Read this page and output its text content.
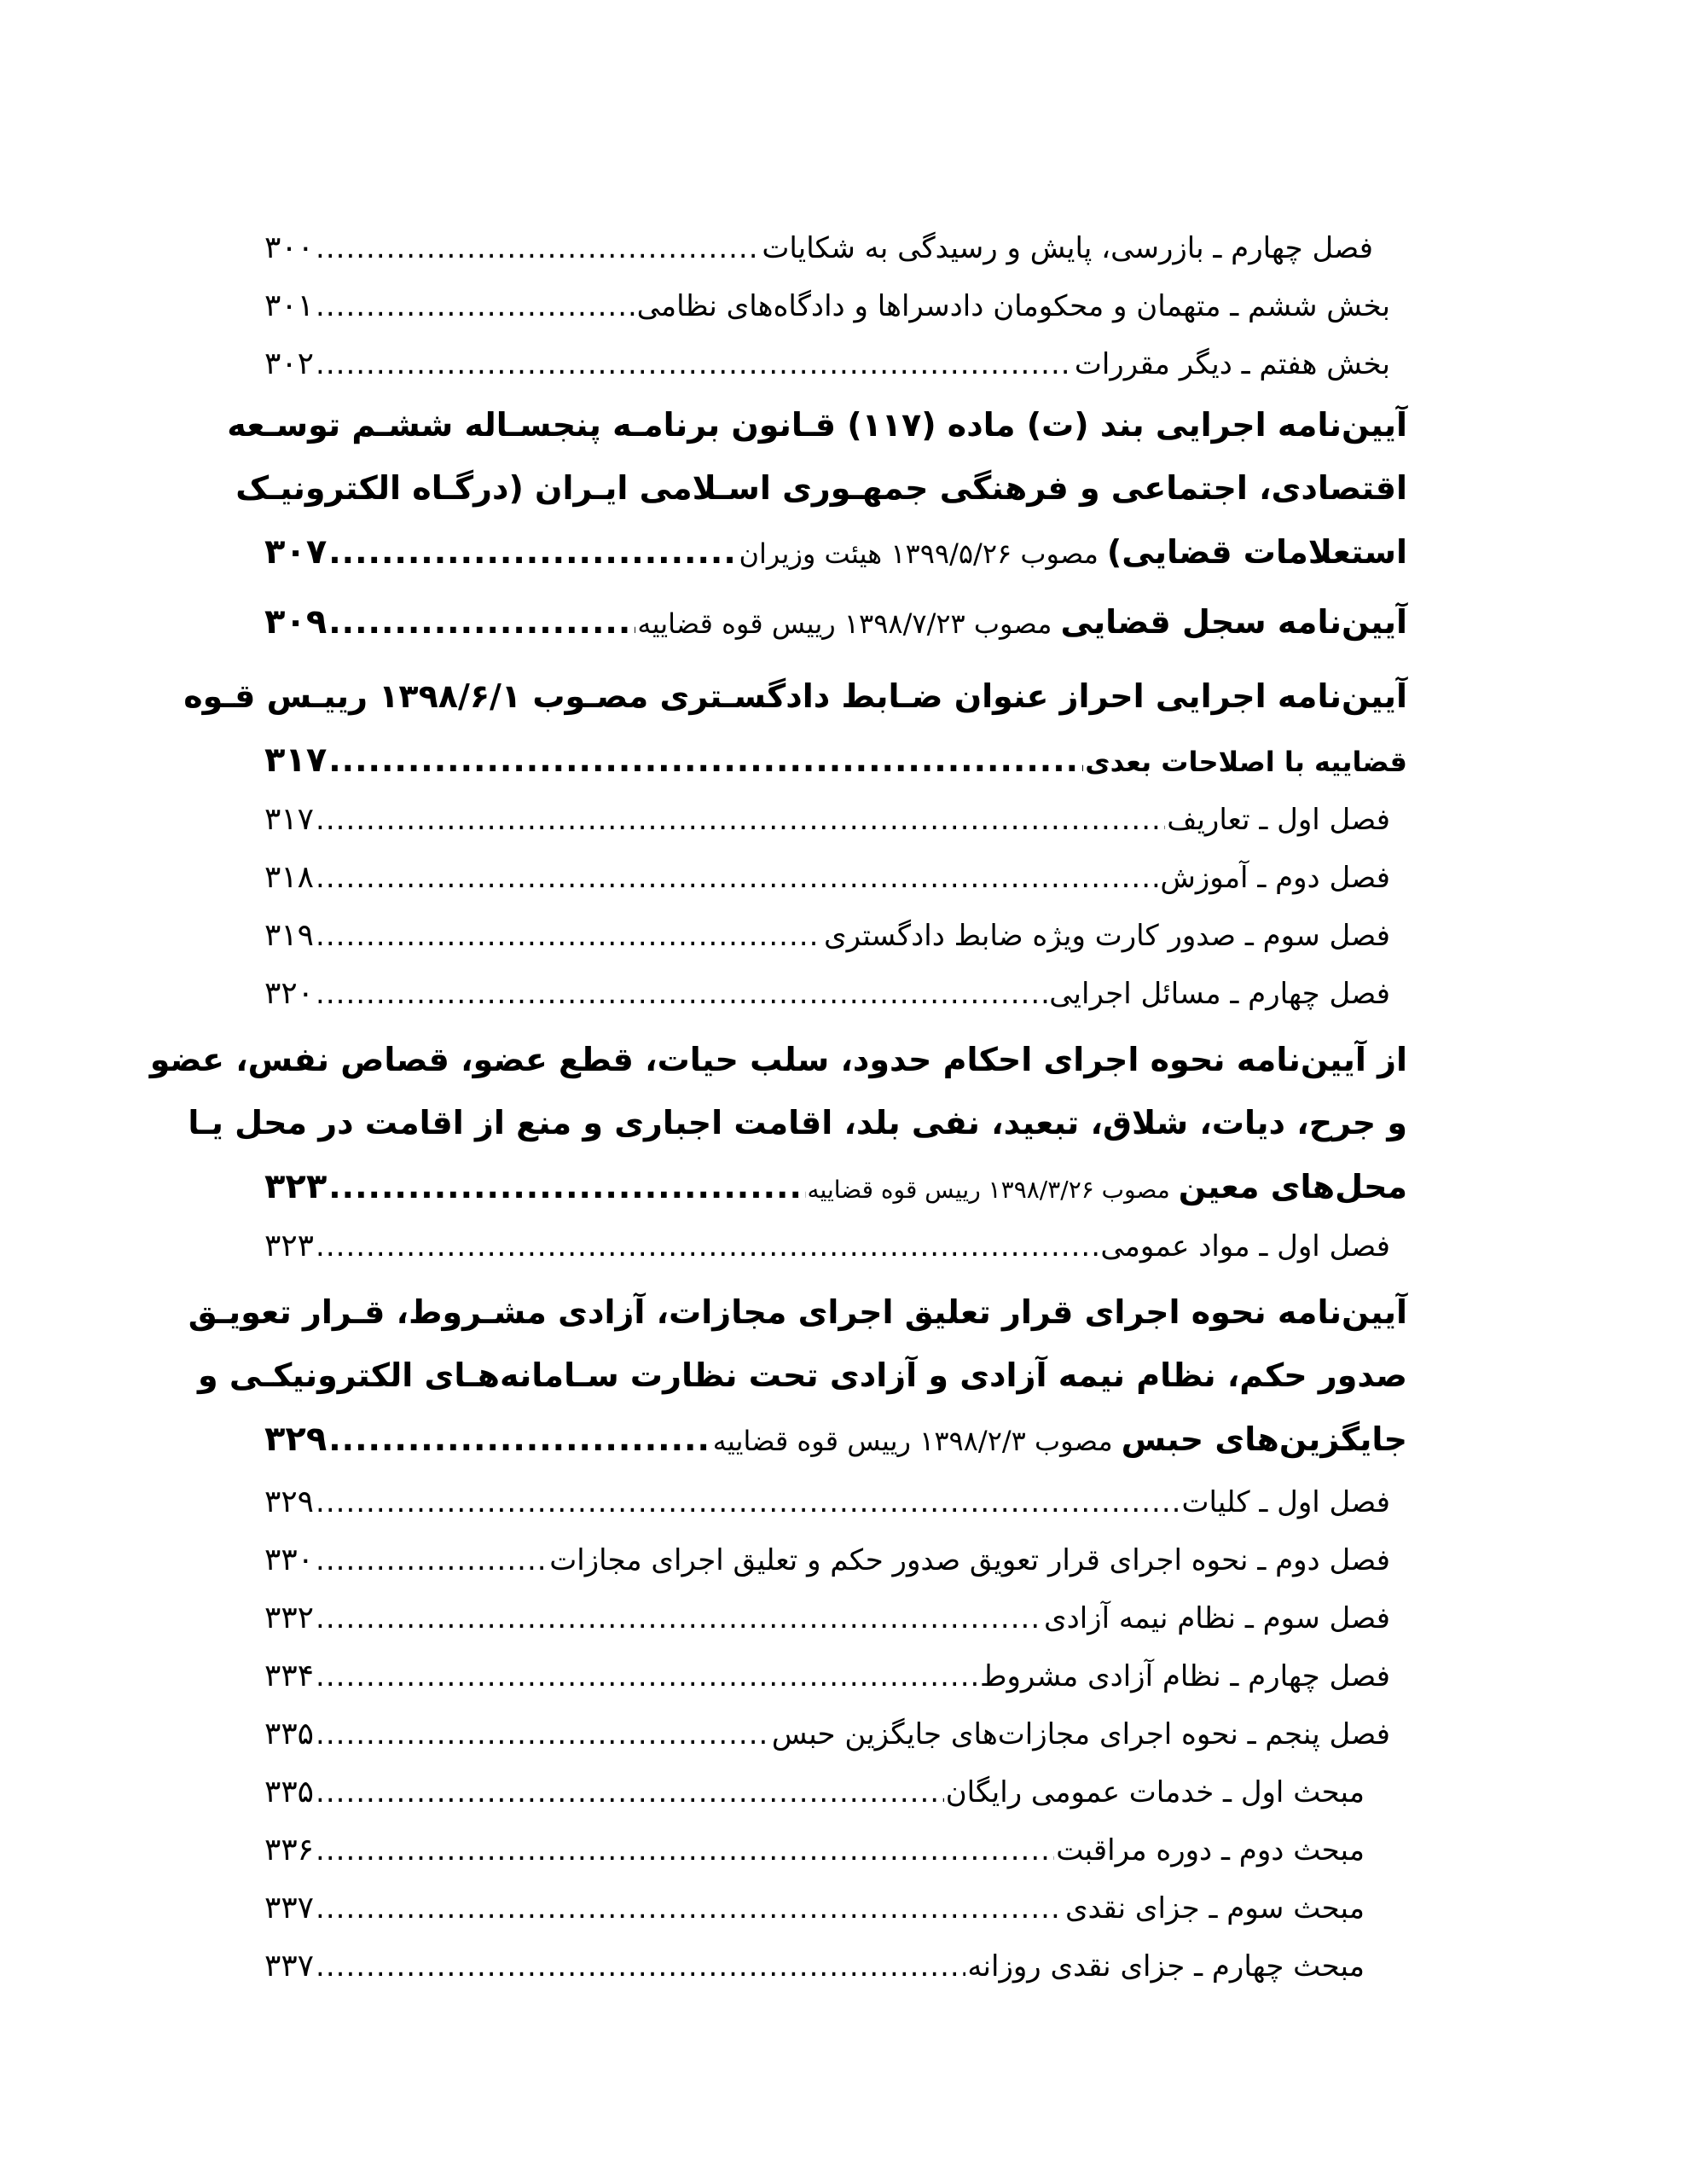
فصل چهارم ـ بازرسی، پایش و رسیدگی به شکایات
.....
۳۰۰
بخش ششم ـ متهمان و محکومان دادسراها و دادگاه‌های نظامی
.....
۳۰۱
بخش هفتم ـ دیگر مقررات
.....
۳۰۲
آیین‌نامه اجرایی بند (ت) ماده (۱۱۷) قـانون برنامـه پنجسـاله ششـم توسـعه
اقتصادی، اجتماعی و فرهنگی جمهـوری اسـلامی ایـران (درگـاه الکترونیـک
استعلامات قضایی)
مصوب ۱۳۹۹/۵/۲۶ هیئت وزیران
.....
۳۰۷
آیین‌نامه سجل قضایی
مصوب ۱۳۹۸/۷/۲۳ رییس قوه قضاییه
.....
۳۰۹
آیین‌نامه اجرایی احراز عنوان ضـابط دادگسـتری مصـوب ۱۳۹۸/۶/۱ رییـس قـوه
قضاییه با اصلاحات بعدی
.....
۳۱۷
فصل اول ـ تعاریف
.....
۳۱۷
فصل دوم ـ آموزش
.....
۳۱۸
فصل سوم ـ صدور کارت ویژه ضابط دادگستری
.....
۳۱۹
فصل چهارم ـ مسائل اجرایی
.....
۳۲۰
از آیین‌نامه نحوه اجرای احکام حدود، سلب حیات، قطع عضو، قصاص نفس، عضو
و جرح، دیات، شلاق، تبعید، نفی بلد، اقامت اجباری و منع از اقامت در محل یـا
محل‌های معین
مصوب ۱۳۹۸/۳/۲۶ رییس قوه قضاییه
.....
۳۲۳
فصل اول ـ مواد عمومی
.....
۳۲۳
آیین‌نامه نحوه اجرای قرار تعلیق اجرای مجازات، آزادی مشـروط، قـرار تعویـق
صدور حکم، نظام نیمه آزادی و آزادی تحت نظارت سـامانه‌هـای الکترونیکـی و
جایگزین‌های حبس
مصوب ۱۳۹۸/۲/۳ رییس قوه قضاییه
.....
۳۲۹
فصل اول ـ کلیات
.....
۳۲۹
فصل دوم ـ نحوه اجرای قرار تعویق صدور حکم و تعلیق اجرای مجازات
.....
۳۳۰
فصل سوم ـ نظام نیمه آزادی
.....
۳۳۲
فصل چهارم ـ نظام آزادی مشروط
.....
۳۳۴
فصل پنجم ـ نحوه اجرای مجازات‌های جایگزین حبس
.....
۳۳۵
مبحث اول ـ خدمات عمومی رایگان
.....
۳۳۵
مبحث دوم ـ دوره مراقبت
.....
۳۳۶
مبحث سوم ـ جزای نقدی
.....
۳۳۷
مبحث چهارم ـ جزای نقدی روزانه
.....
۳۳۷
